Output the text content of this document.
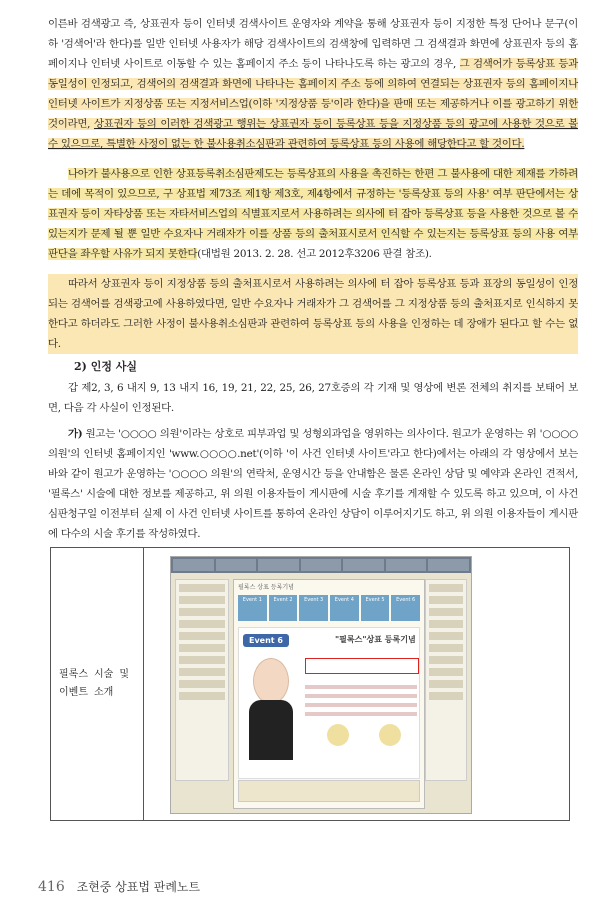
이른바 검색광고 즉, 상표권자 등이 인터넷 검색사이트 운영자와 계약을 통해 상표권자 등이 지정한 특정 단어나 문구(이하 '검색어'라 한다)를 일반 인터넷 사용자가 해당 검색사이트의 검색창에 입력하면 그 검색결과 화면에 상표권자 등의 홈페이지나 인터넷 사이트로 이동할 수 있는 홈페이지 주소 등이 나타나도록 하는 광고의 경우, 그 검색어가 등록상표 등과 동일성이 인정되고, 검색어의 검색결과 화면에 나타나는 홈페이지 주소 등에 의하여 연결되는 상표권자 등의 홈페이지나 인터넷 사이트가 지정상품 또는 지정서비스업(이하 '지정상품 등'이라 한다)을 판매 또는 제공하거나 이를 광고하기 위한 것이라면, 상표권자 등의 이러한 검색광고 행위는 상표권자 등이 등록상표 등을 지정상품 등의 광고에 사용한 것으로 볼 수 있으므로, 특별한 사정이 없는 한 불사용취소심판과 관련하여 등록상표 등의 사용에 해당한다고 할 것이다.

나아가 불사용으로 인한 상표등록취소심판제도는 등록상표의 사용을 촉진하는 한편 그 불사용에 대한 제재를 가하려는 데에 목적이 있으므로, 구 상표법 제73조 제1항 제3호, 제4항에서 규정하는 '등록상표 등의 사용' 여부 판단에서는 상표권자 등이 자타상품 또는 자타서비스업의 식별표지로서 사용하려는 의사에 터 잡아 등록상표 등을 사용한 것으로 볼 수 있는지가 문제 될 뿐 일반 수요자나 거래자가 이를 상품 등의 출처표시로서 인식할 수 있는지는 등록상표 등의 사용 여부 판단을 좌우할 사유가 되지 못한다(대법원 2013. 2. 28. 선고 2012후3206 판결 참조).

따라서 상표권자 등이 지정상품 등의 출처표시로서 사용하려는 의사에 터 잡아 등록상표 등과 표장의 동일성이 인정되는 검색어를 검색광고에 사용하였다면, 일반 수요자나 거래자가 그 검색어를 그 지정상품 등의 출처표지로 인식하지 못한다고 하더라도 그러한 사정이 불사용취소심판과 관련하여 등록상표 등의 사용을 인정하는 데 장애가 된다고 할 수는 없다.

2) 인정 사실

갑 제2, 3, 6 내지 9, 13 내지 16, 19, 21, 22, 25, 26, 27호증의 각 기재 및 영상에 변론 전체의 취지를 보태어 보면, 다음 각 사실이 인정된다.

가) 원고는 '○○○○ 의원'이라는 상호로 피부과업 및 성형외과업을 영위하는 의사이다. 원고가 운영하는 위 '○○○○ 의원'의 인터넷 홈페이지인 'www.○○○○.net'(이하 '이 사건 인터넷 사이트'라고 한다)에서는 아래의 각 영상에서 보는 바와 같이 원고가 운영하는 '○○○○ 의원'의 연락처, 운영시간 등을 안내함은 물론 온라인 상담 및 예약과 온라인 견적서, '필록스' 시술에 대한 정보를 제공하고, 위 의원 이용자들이 게시판에 시술 후기를 게재할 수 있도록 하고 있으며, 이 사건 심판청구일 이전부터 실제 이 사건 인터넷 사이트를 통하여 온라인 상담이 이루어지기도 하고, 위 의원 이용자들이 게시판에 다수의 시술 후기를 작성하였다.

필록스 시술 및 이벤트 소개
필록스 상표 등록기념
Event 1	Event 2	Event 3	Event 4	Event 5	Event 6
Event 6	"필록스"상표 등록기념
416 조현중 상표법 판례노트
